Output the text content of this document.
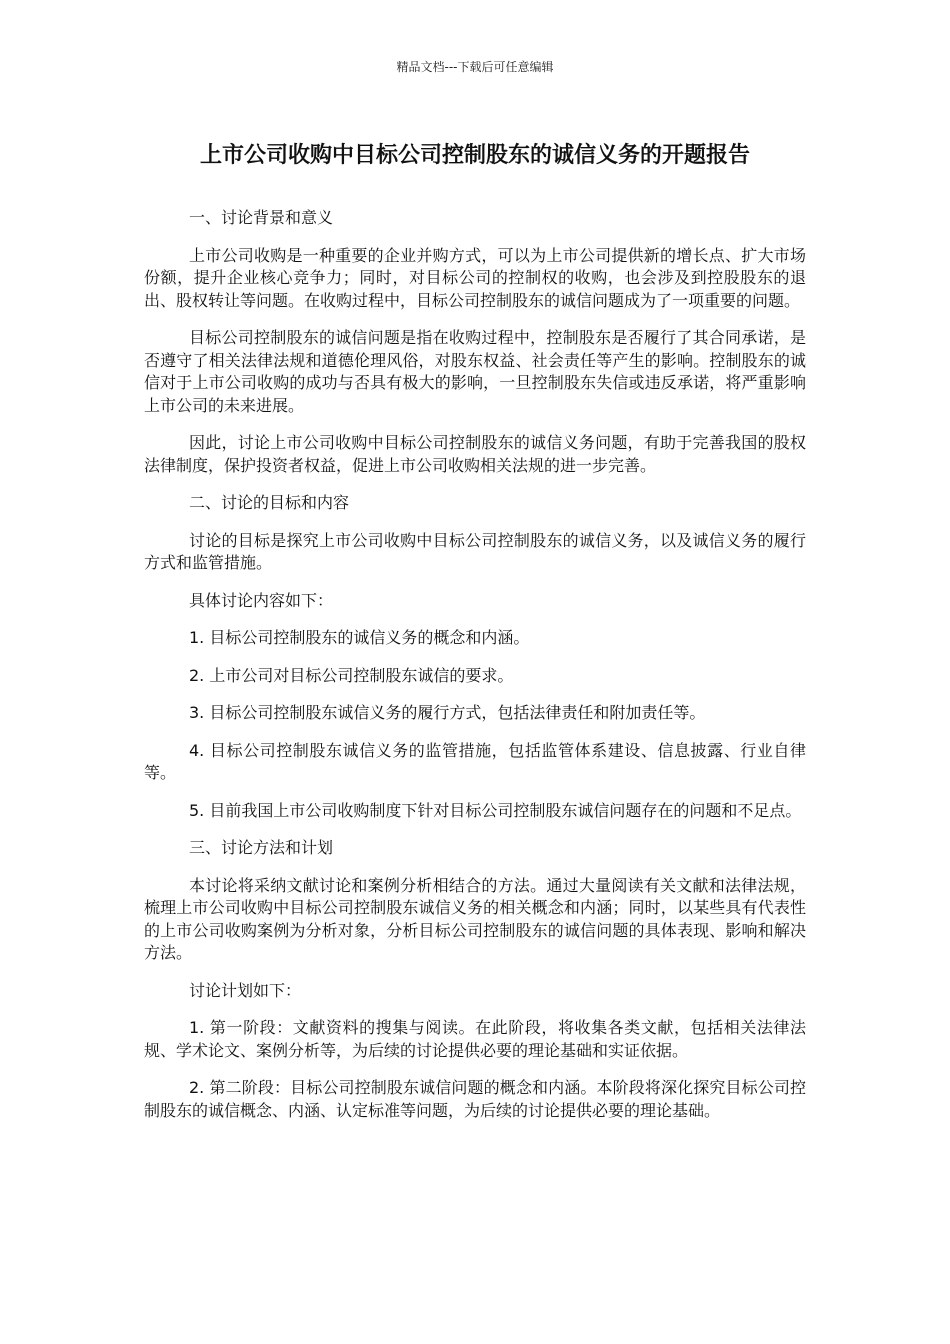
精品文档---下载后可任意编辑
上市公司收购中目标公司控制股东的诚信义务的开题报告

一、讨论背景和意义

上市公司收购是一种重要的企业并购方式，可以为上市公司提供新的增长点、扩大市场份额，提升企业核心竞争力；同时，对目标公司的控制权的收购，也会涉及到控股股东的退出、股权转让等问题。在收购过程中，目标公司控制股东的诚信问题成为了一项重要的问题。

目标公司控制股东的诚信问题是指在收购过程中，控制股东是否履行了其合同承诺，是否遵守了相关法律法规和道德伦理风俗，对股东权益、社会责任等产生的影响。控制股东的诚信对于上市公司收购的成功与否具有极大的影响，一旦控制股东失信或违反承诺，将严重影响上市公司的未来进展。

因此，讨论上市公司收购中目标公司控制股东的诚信义务问题，有助于完善我国的股权法律制度，保护投资者权益，促进上市公司收购相关法规的进一步完善。

二、讨论的目标和内容

讨论的目标是探究上市公司收购中目标公司控制股东的诚信义务，以及诚信义务的履行方式和监管措施。

具体讨论内容如下：

1. 目标公司控制股东的诚信义务的概念和内涵。

2. 上市公司对目标公司控制股东诚信的要求。

3. 目标公司控制股东诚信义务的履行方式，包括法律责任和附加责任等。

4. 目标公司控制股东诚信义务的监管措施，包括监管体系建设、信息披露、行业自律等。

5. 目前我国上市公司收购制度下针对目标公司控制股东诚信问题存在的问题和不足点。

三、讨论方法和计划

本讨论将采纳文献讨论和案例分析相结合的方法。通过大量阅读有关文献和法律法规，梳理上市公司收购中目标公司控制股东诚信义务的相关概念和内涵；同时，以某些具有代表性的上市公司收购案例为分析对象，分析目标公司控制股东的诚信问题的具体表现、影响和解决方法。

讨论计划如下：

1. 第一阶段：文献资料的搜集与阅读。在此阶段，将收集各类文献，包括相关法律法规、学术论文、案例分析等，为后续的讨论提供必要的理论基础和实证依据。

2. 第二阶段：目标公司控制股东诚信问题的概念和内涵。本阶段将深化探究目标公司控制股东的诚信概念、内涵、认定标准等问题，为后续的讨论提供必要的理论基础。
